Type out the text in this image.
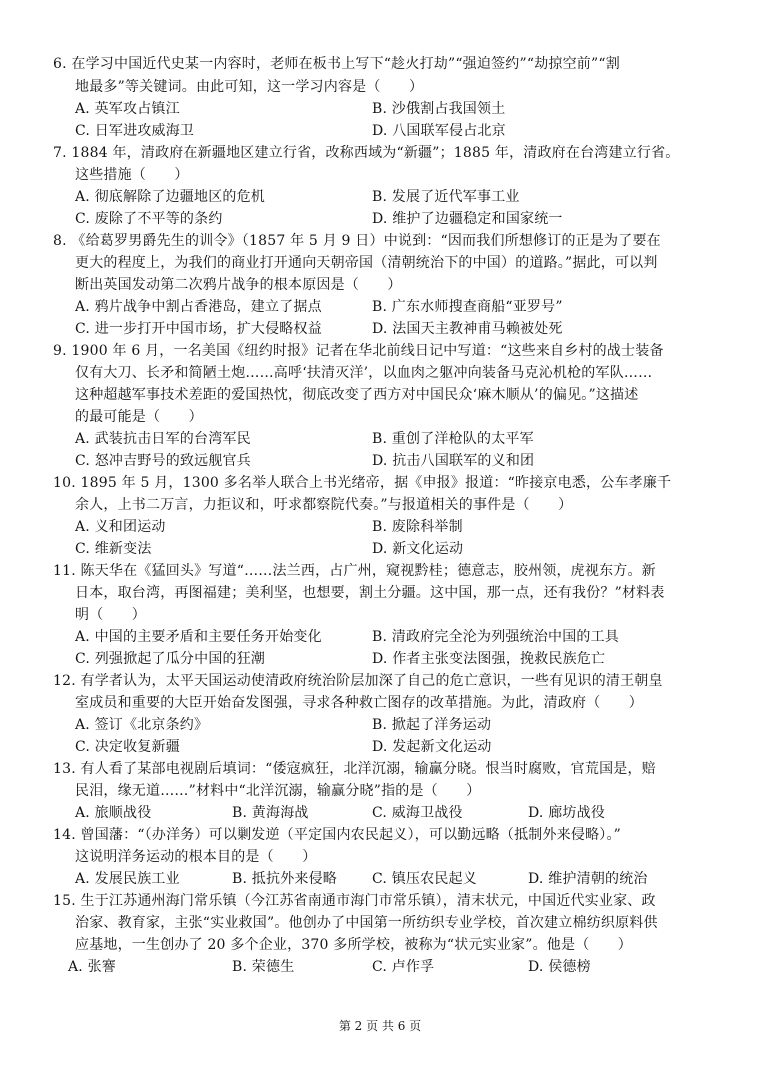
6. 在学习中国近代史某一内容时，老师在板书上写下“趁火打劫”“强迫签约”“劫掠空前”“割
地最多”等关键词。由此可知，这一学习内容是（　　）
A. 英军攻占镇江	B. 沙俄割占我国领土
C. 日军进攻威海卫	D. 八国联军侵占北京
7. 1884 年，清政府在新疆地区建立行省，改称西域为“新疆”；1885 年，清政府在台湾建立行省。
这些措施（　　）
A. 彻底解除了边疆地区的危机	B. 发展了近代军事工业
C. 废除了不平等的条约	D. 维护了边疆稳定和国家统一
8. 《给葛罗男爵先生的训令》（1857 年 5 月 9 日）中说到：“因而我们所想修订的正是为了要在
更大的程度上，为我们的商业打开通向天朝帝国（清朝统治下的中国）的道路。”据此，可以判
断出英国发动第二次鸦片战争的根本原因是（　　）
A. 鸦片战争中割占香港岛，建立了据点	B. 广东水师搜查商船“亚罗号”
C. 进一步打开中国市场，扩大侵略权益	D. 法国天主教神甫马赖被处死
9. 1900 年 6 月，一名美国《纽约时报》记者在华北前线日记中写道：“这些来自乡村的战士装备
仅有大刀、长矛和简陋土炮……高呼‘扶清灭洋’，以血肉之躯冲向装备马克沁机枪的军队……
这种超越军事技术差距的爱国热忱，彻底改变了西方对中国民众‘麻木顺从’的偏见。”这描述
的最可能是（　　）
A. 武装抗击日军的台湾军民	B. 重创了洋枪队的太平军
C. 怒冲吉野号的致远舰官兵	D. 抗击八国联军的义和团
10. 1895 年 5 月，1300 多名举人联合上书光绪帝，据《申报》报道：“昨接京电悉，公车孝廉千
余人，上书二万言，力拒议和，吁求都察院代奏。”与报道相关的事件是（　　）
A. 义和团运动	B. 废除科举制
C. 维新变法	D. 新文化运动
11. 陈天华在《猛回头》写道“……法兰西，占广州，窥视黔桂；德意志，胶州领，虎视东方。新
日本，取台湾，再图福建；美利坚，也想要，割土分疆。这中国，那一点，还有我份？”材料表
明（　　）
A. 中国的主要矛盾和主要任务开始变化	B. 清政府完全沦为列强统治中国的工具
C. 列强掀起了瓜分中国的狂潮	D. 作者主张变法图强，挽救民族危亡
12. 有学者认为，太平天国运动使清政府统治阶层加深了自己的危亡意识，一些有见识的清王朝皇
室成员和重要的大臣开始奋发图强，寻求各种救亡图存的改革措施。为此，清政府（　　）
A. 签订《北京条约》	B. 掀起了洋务运动
C. 决定收复新疆	D. 发起新文化运动
13. 有人看了某部电视剧后填词：“倭寇疯狂，北洋沉溺，输赢分晓。恨当时腐败，官荒国是，赔
民泪，缘无道……”材料中“北洋沉溺，输赢分晓”指的是（　　）
A. 旅顺战役	B. 黄海海战	C. 威海卫战役	D. 廊坊战役
14. 曾国藩：“（办洋务）可以剿发逆（平定国内农民起义），可以勤远略（抵制外来侵略）。”
这说明洋务运动的根本目的是（　　）
A. 发展民族工业	B. 抵抗外来侵略	C. 镇压农民起义	D. 维护清朝的统治
15. 生于江苏通州海门常乐镇（今江苏省南通市海门市常乐镇），清末状元，中国近代实业家、政
治家、教育家，主张“实业救国”。他创办了中国第一所纺织专业学校，首次建立棉纺织原料供
应基地，一生创办了 20 多个企业，370 多所学校，被称为“状元实业家”。他是（　　）
A. 张謇	B. 荣德生	C. 卢作孚	D. 侯德榜
第 2 页 共 6 页
